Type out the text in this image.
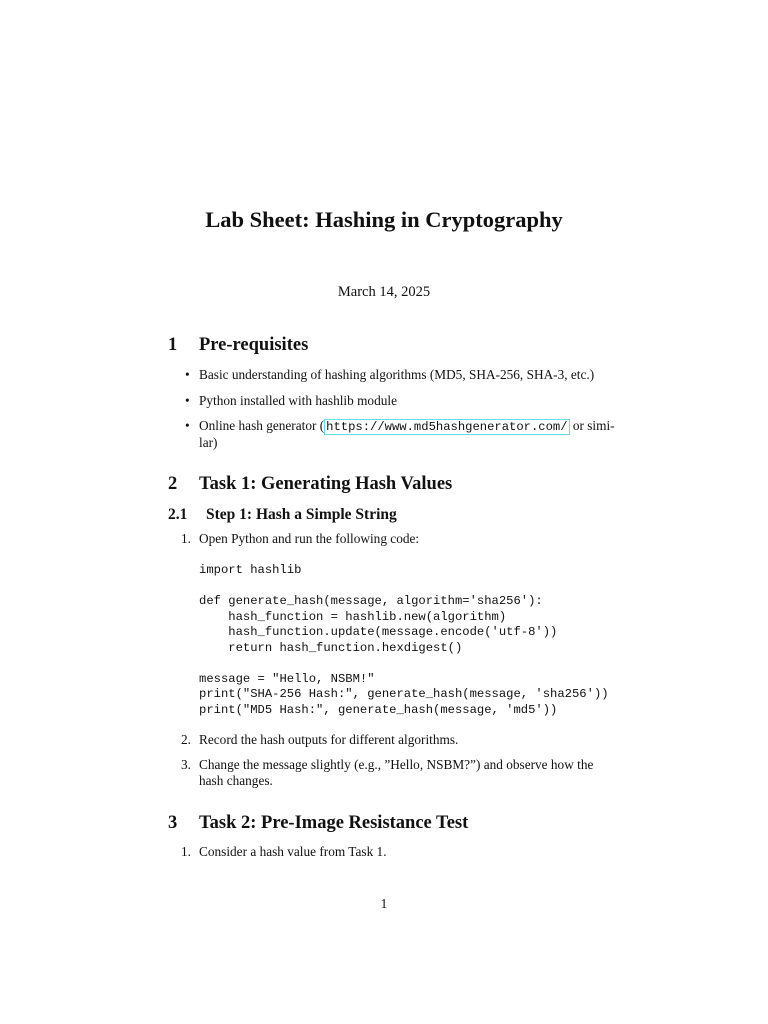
Lab Sheet: Hashing in Cryptography
March 14, 2025
1 Pre-requisites
• Basic understanding of hashing algorithms (MD5, SHA-256, SHA-3, etc.)
• Python installed with hashlib module
• Online hash generator ( https://www.md5hashgenerator.com/ or simi-
lar)
2 Task 1: Generating Hash Values
2.1 Step 1: Hash a Simple String
1. Open Python and run the following code:
import hashlib
def generate_hash(message, algorithm='sha256'):
hash_function = hashlib.new(algorithm)
hash_function.update(message.encode('utf-8'))
return hash_function.hexdigest()
message = "Hello, NSBM!"
print("SHA-256 Hash:", generate_hash(message, 'sha256'))
print("MD5 Hash:", generate_hash(message, 'md5'))
2. Record the hash outputs for different algorithms.
3. Change the message slightly (e.g., ”Hello, NSBM?”) and observe how the
hash changes.
3 Task 2: Pre-Image Resistance Test
1. Consider a hash value from Task 1.
1
